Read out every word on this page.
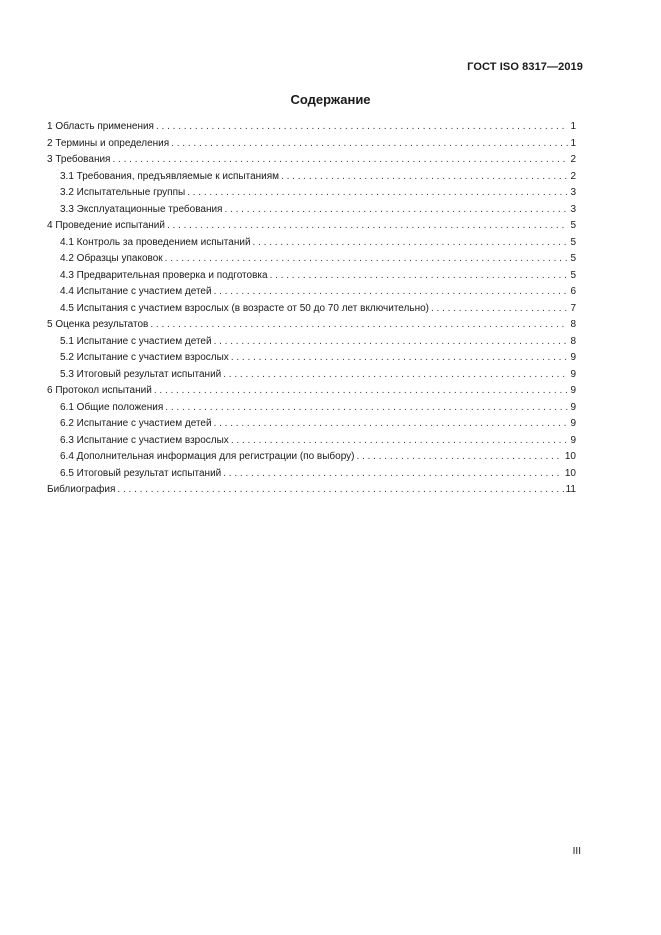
ГОСТ ISO 8317—2019
Содержание
1 Область применения . . .	1
2 Термины и определения . . .	1
3 Требования . . .	2
3.1 Требования, предъявляемые к испытаниям . . .	2
3.2 Испытательные группы . . .	3
3.3 Эксплуатационные требования . . .	3
4 Проведение испытаний . . .	5
4.1 Контроль за проведением испытаний . . .	5
4.2 Образцы упаковок . . .	5
4.3 Предварительная проверка и подготовка . . .	5
4.4 Испытание с участием детей . . .	6
4.5 Испытания с участием взрослых (в возрасте от 50 до 70 лет включительно) . . .	7
5 Оценка результатов . . .	8
5.1 Испытание с участием детей . . .	8
5.2 Испытание с участием взрослых . . .	9
5.3 Итоговый результат испытаний . . .	9
6 Протокол испытаний . . .	9
6.1 Общие положения . . .	9
6.2 Испытание с участием детей . . .	9
6.3 Испытание с участием взрослых . . .	9
6.4 Дополнительная информация для регистрации (по выбору) . . .	10
6.5 Итоговый результат испытаний . . .	10
Библиография . . .	11
III
